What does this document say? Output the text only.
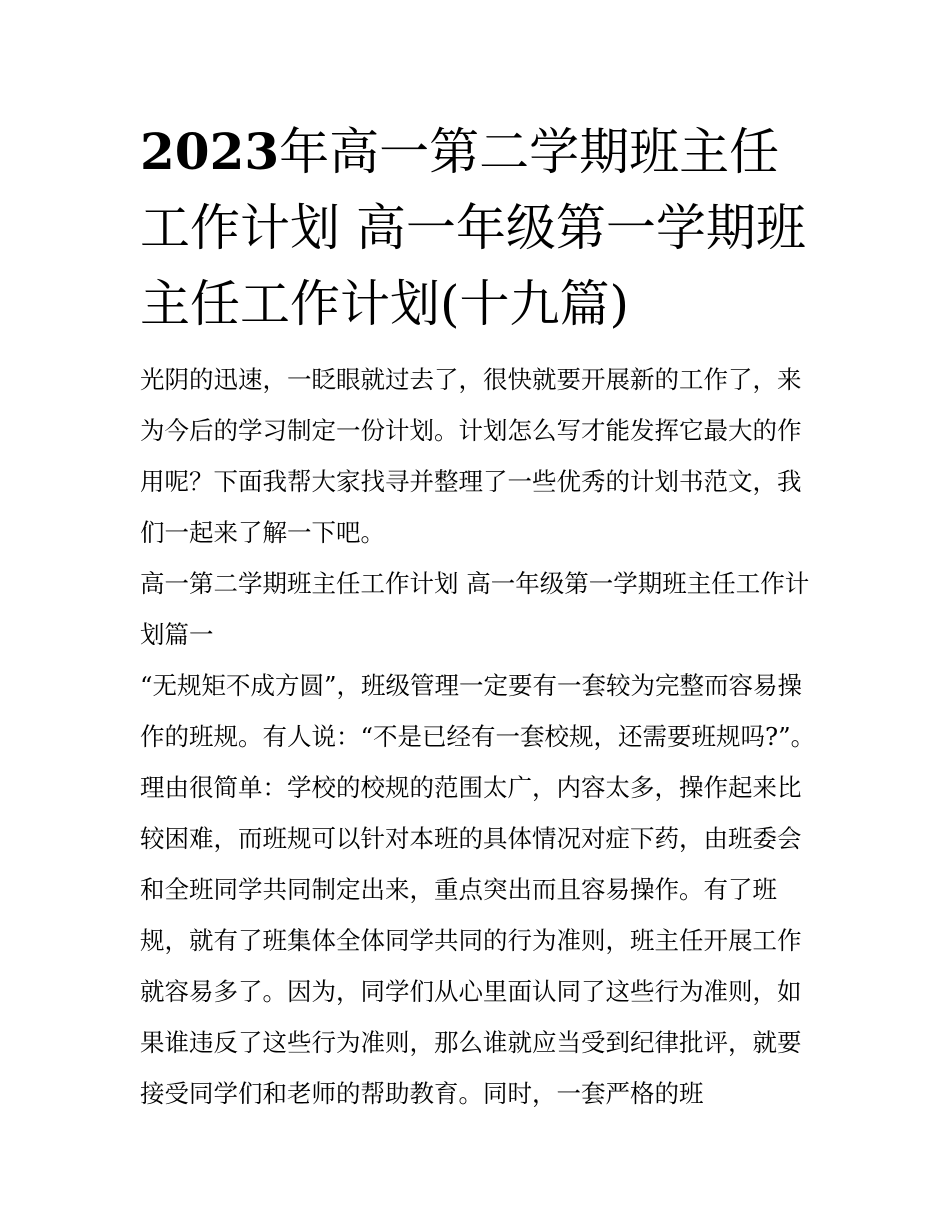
2023年高一第二学期班主任工作计划 高一年级第一学期班主任工作计划(十九篇)

光阴的迅速，一眨眼就过去了，很快就要开展新的工作了，来为今后的学习制定一份计划。计划怎么写才能发挥它最大的作用呢？下面我帮大家找寻并整理了一些优秀的计划书范文，我们一起来了解一下吧。

高一第二学期班主任工作计划 高一年级第一学期班主任工作计划篇一

“无规矩不成方圆”，班级管理一定要有一套较为完整而容易操作的班规。有人说：“不是已经有一套校规，还需要班规吗?”。理由很简单：学校的校规的范围太广，内容太多，操作起来比较困难，而班规可以针对本班的具体情况对症下药，由班委会和全班同学共同制定出来，重点突出而且容易操作。有了班规，就有了班集体全体同学共同的行为准则，班主任开展工作就容易多了。因为，同学们从心里面认同了这些行为准则，如果谁违反了这些行为准则，那么谁就应当受到纪律批评，就要接受同学们和老师的帮助教育。同时，一套严格的班
